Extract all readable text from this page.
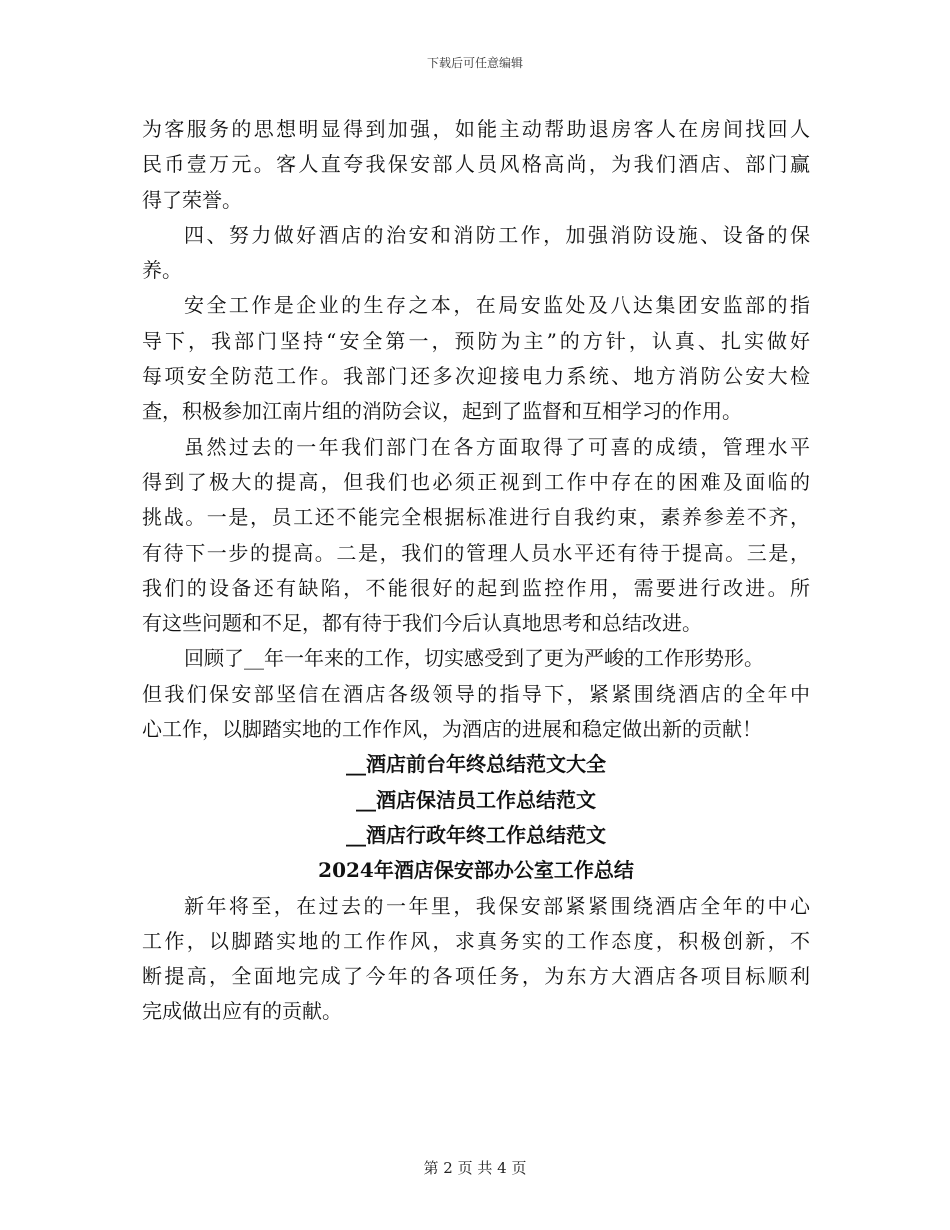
下载后可任意编辑
为客服务的思想明显得到加强，如能主动帮助退房客人在房间找回人
民币壹万元。客人直夸我保安部人员风格高尚，为我们酒店、部门赢
得了荣誉。
四、努力做好酒店的治安和消防工作，加强消防设施、设备的保
养。
安全工作是企业的生存之本，在局安监处及八达集团安监部的指
导下，我部门坚持“安全第一，预防为主”的方针，认真、扎实做好
每项安全防范工作。我部门还多次迎接电力系统、地方消防公安大检
查，积极参加江南片组的消防会议，起到了监督和互相学习的作用。
虽然过去的一年我们部门在各方面取得了可喜的成绩，管理水平
得到了极大的提高，但我们也必须正视到工作中存在的困难及面临的
挑战。一是，员工还不能完全根据标准进行自我约束，素养参差不齐，
有待下一步的提高。二是，我们的管理人员水平还有待于提高。三是，
我们的设备还有缺陷，不能很好的起到监控作用，需要进行改进。所
有这些问题和不足，都有待于我们今后认真地思考和总结改进。
回顾了__年一年来的工作，切实感受到了更为严峻的工作形势形。
但我们保安部坚信在酒店各级领导的指导下，紧紧围绕酒店的全年中
心工作，以脚踏实地的工作作风，为酒店的进展和稳定做出新的贡献！
__酒店前台年终总结范文大全
__酒店保洁员工作总结范文
__酒店行政年终工作总结范文
2024年酒店保安部办公室工作总结
新年将至，在过去的一年里，我保安部紧紧围绕酒店全年的中心
工作，以脚踏实地的工作作风，求真务实的工作态度，积极创新，不
断提高，全面地完成了今年的各项任务，为东方大酒店各项目标顺利
完成做出应有的贡献。
第 2 页 共 4 页
